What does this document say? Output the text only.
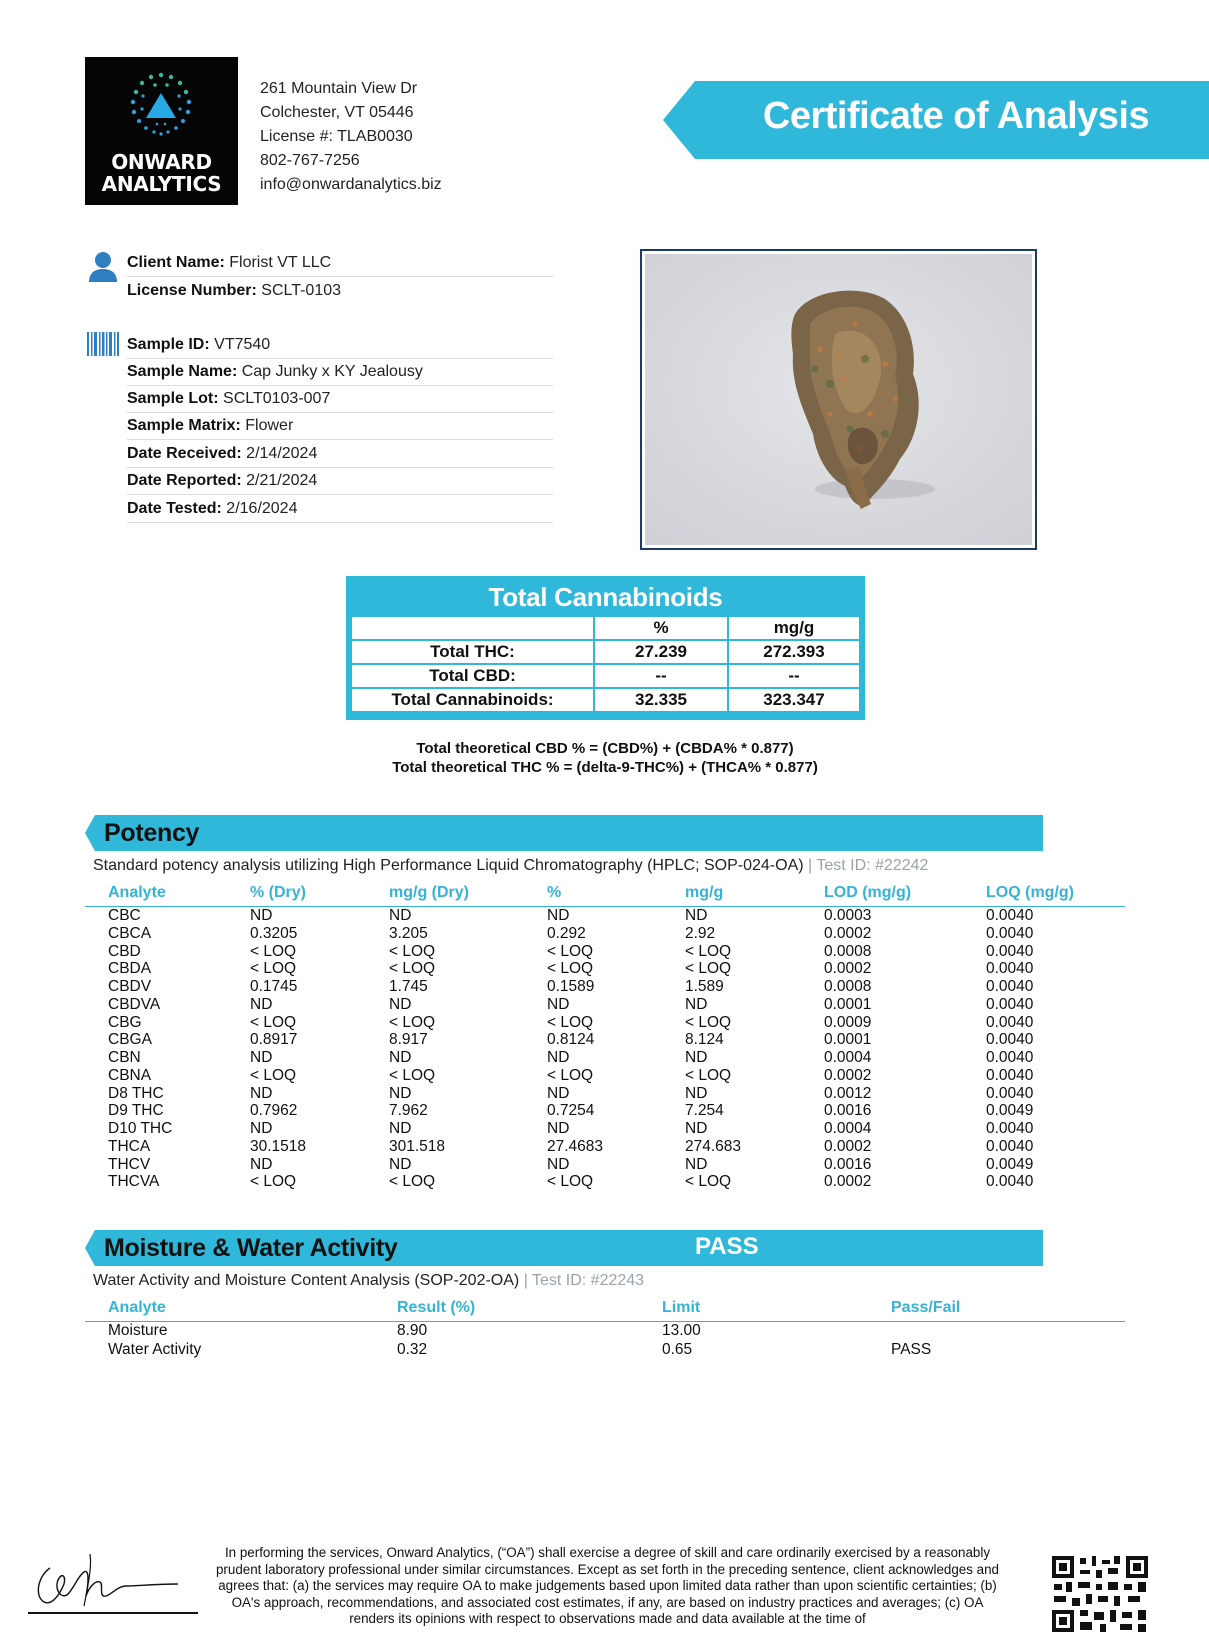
ONWARD
ANALYTICS
261 Mountain View Dr
Colchester, VT 05446
License #: TLAB0030
802-767-7256
info@onwardanalytics.biz
Certificate of Analysis
Client Name: Florist VT LLC
License Number: SCLT-0103
Sample ID: VT7540
Sample Name: Cap Junky x KY Jealousy
Sample Lot: SCLT0103-007
Sample Matrix: Flower
Date Received: 2/14/2024
Date Reported: 2/21/2024
Date Tested: 2/16/2024
Total Cannabinoids
	%	mg/g
Total THC:	27.239	272.393
Total CBD:	--	--
Total Cannabinoids:	32.335	323.347
Total theoretical CBD % = (CBD%) + (CBDA% * 0.877)
Total theoretical THC % = (delta-9-THC%) + (THCA% * 0.877)
Potency
Standard potency analysis utilizing High Performance Liquid Chromatography (HPLC; SOP-024-OA) | Test ID: #22242
Analyte	% (Dry)	mg/g (Dry)	%	mg/g	LOD (mg/g)	LOQ (mg/g)
CBC	ND	ND	ND	ND	0.0003	0.0040
CBCA	0.3205	3.205	0.292	2.92	0.0002	0.0040
CBD	< LOQ	< LOQ	< LOQ	< LOQ	0.0008	0.0040
CBDA	< LOQ	< LOQ	< LOQ	< LOQ	0.0002	0.0040
CBDV	0.1745	1.745	0.1589	1.589	0.0008	0.0040
CBDVA	ND	ND	ND	ND	0.0001	0.0040
CBG	< LOQ	< LOQ	< LOQ	< LOQ	0.0009	0.0040
CBGA	0.8917	8.917	0.8124	8.124	0.0001	0.0040
CBN	ND	ND	ND	ND	0.0004	0.0040
CBNA	< LOQ	< LOQ	< LOQ	< LOQ	0.0002	0.0040
D8 THC	ND	ND	ND	ND	0.0012	0.0040
D9 THC	0.7962	7.962	0.7254	7.254	0.0016	0.0049
D10 THC	ND	ND	ND	ND	0.0004	0.0040
THCA	30.1518	301.518	27.4683	274.683	0.0002	0.0040
THCV	ND	ND	ND	ND	0.0016	0.0049
THCVA	< LOQ	< LOQ	< LOQ	< LOQ	0.0002	0.0040
Moisture & Water Activity	PASS
Water Activity and Moisture Content Analysis (SOP-202-OA) | Test ID: #22243
Analyte	Result (%)	Limit	Pass/Fail
Moisture	8.90	13.00
Water Activity	0.32	0.65	PASS
In performing the services, Onward Analytics, (“OA”) shall exercise a degree of skill and care ordinarily exercised by a reasonably prudent laboratory professional under similar circumstances. Except as set forth in the preceding sentence, client acknowledges and agrees that: (a) the services may require OA to make judgements based upon limited data rather than upon scientific certainties; (b) OA's approach, recommendations, and associated cost estimates, if any, are based on industry practices and averages; (c) OA renders its opinions with respect to observations made and data available at the time of
